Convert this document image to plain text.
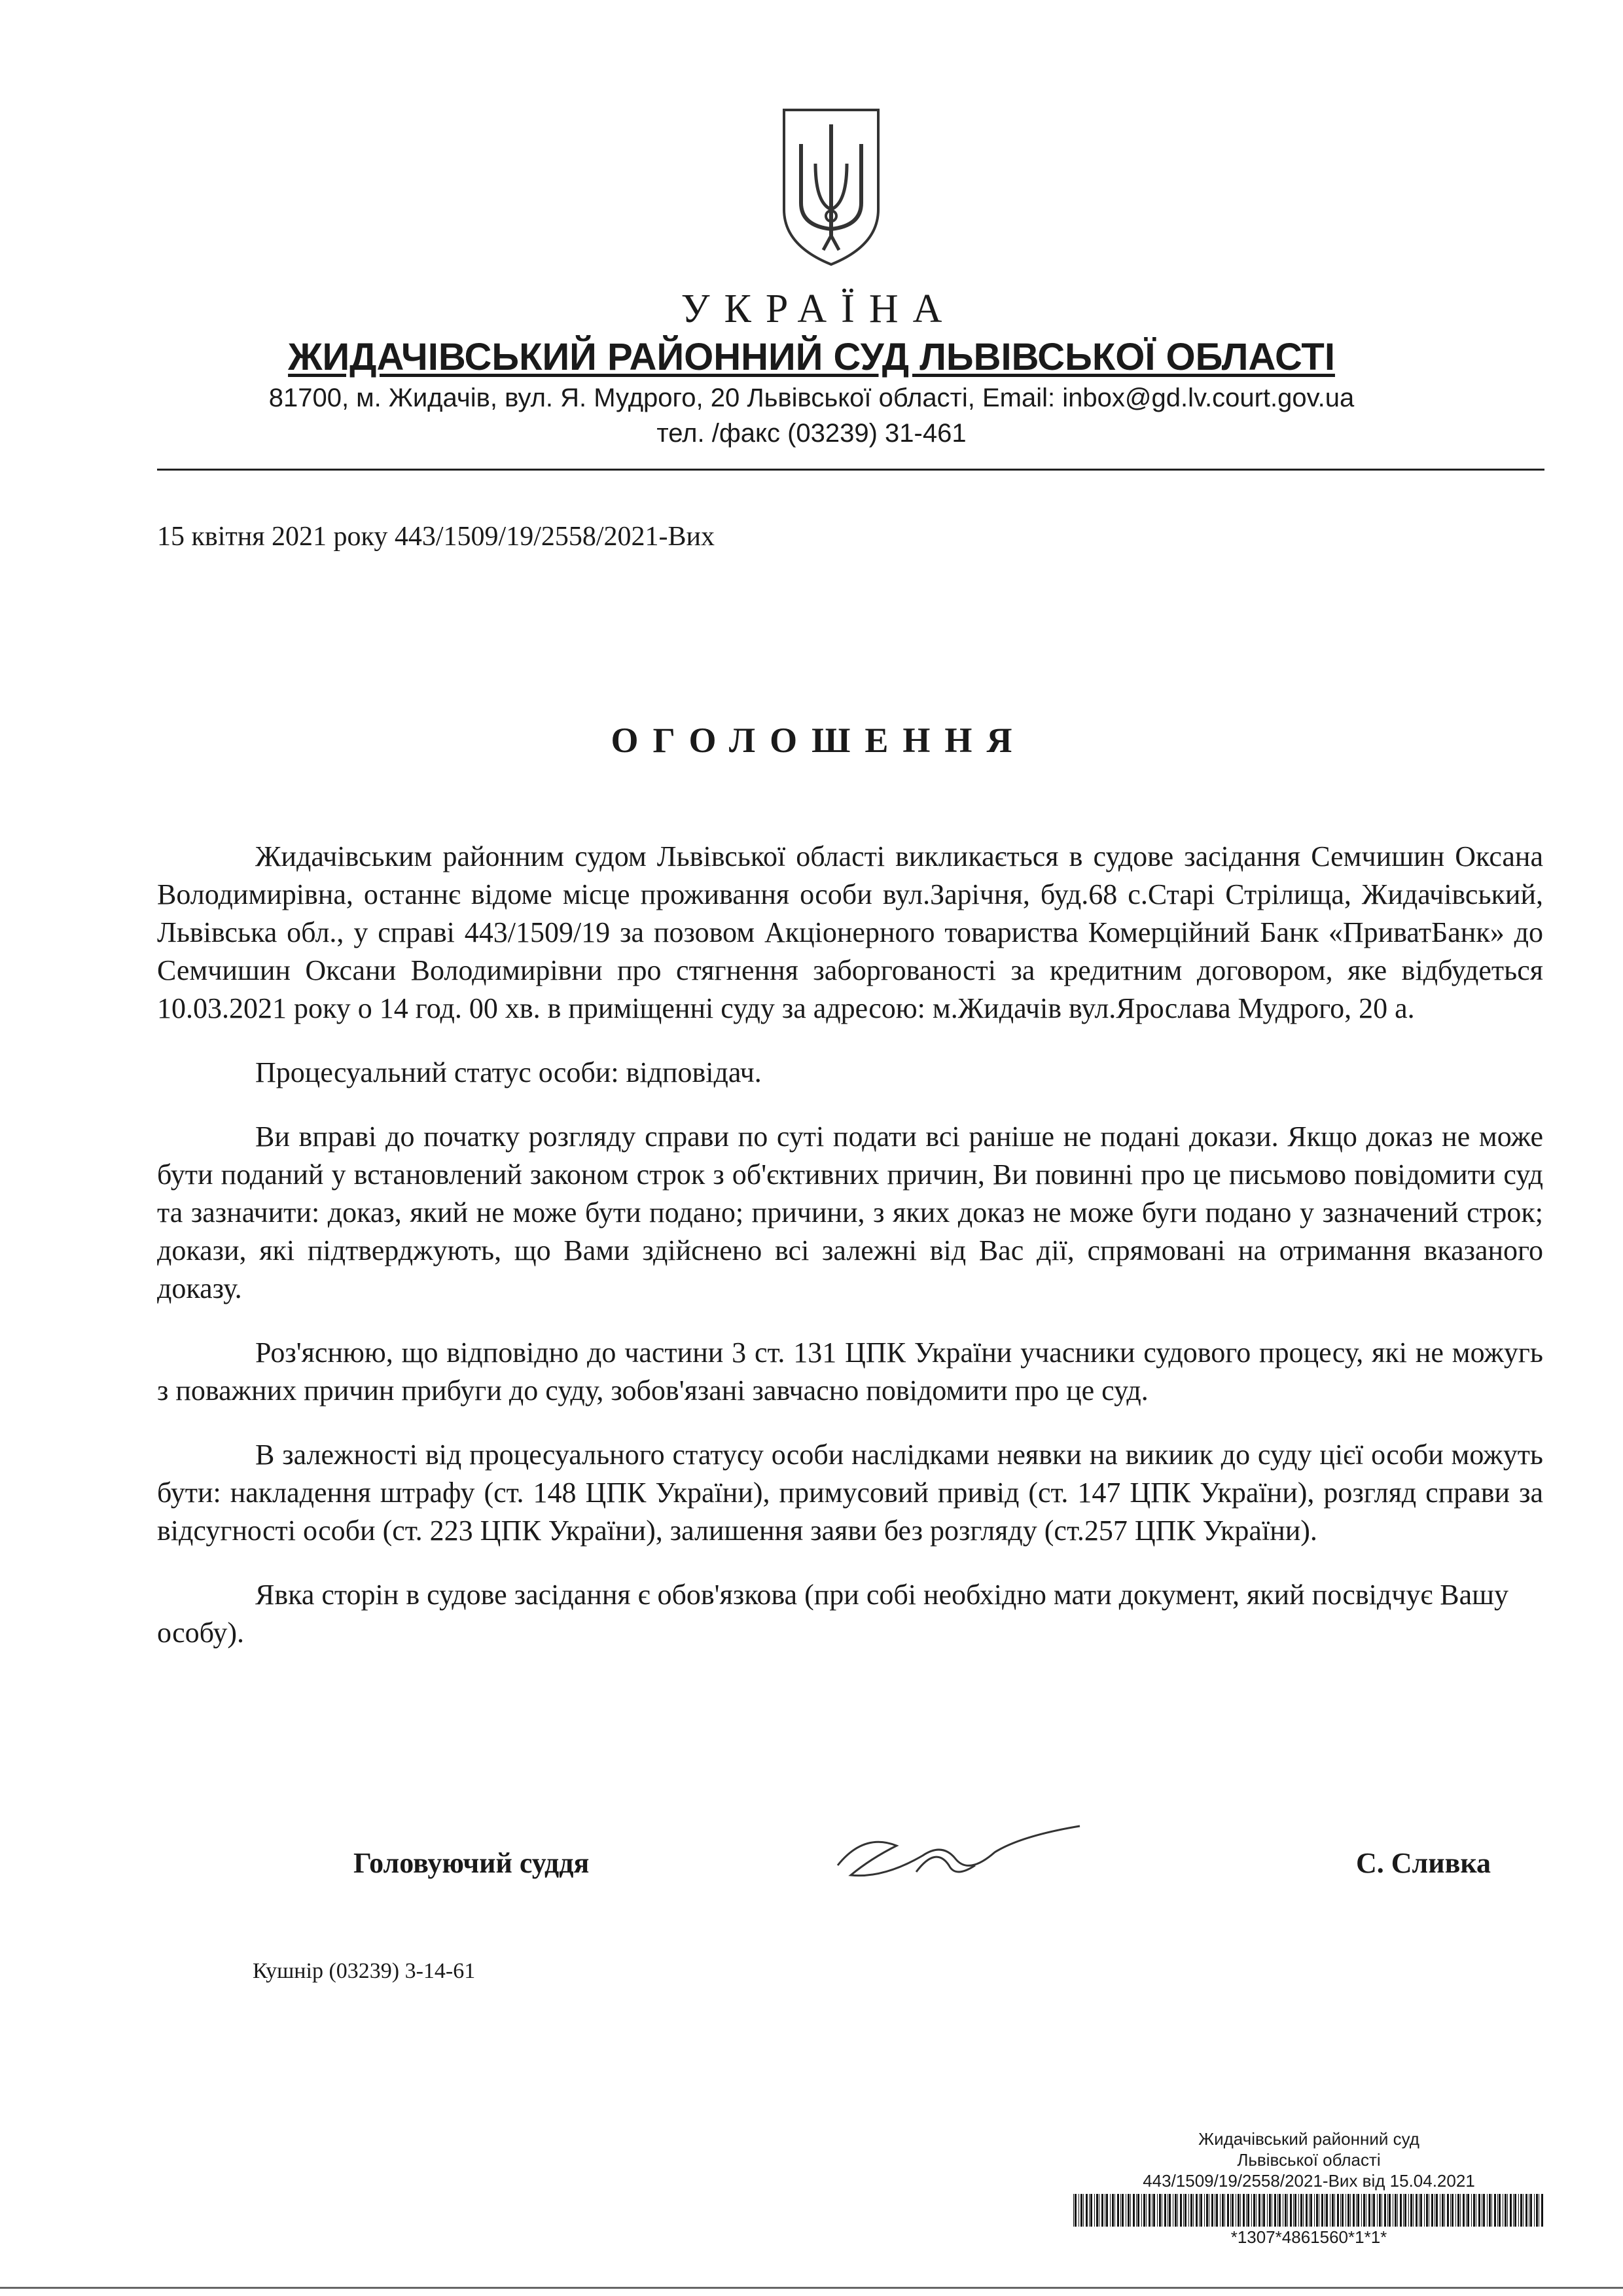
УКРАЇНА
ЖИДАЧІВСЬКИЙ РАЙОННИЙ СУД ЛЬВІВСЬКОЇ ОБЛАСТІ
81700, м. Жидачів, вул. Я. Мудрого, 20 Львівської області, Email: inbox@gd.lv.court.gov.ua
тел. /факс (03239) 31-461
15 квітня 2021 року 443/1509/19/2558/2021-Вих
ОГОЛОШЕННЯ

Жидачівським районним судом Львівської області викликається в судове засідання Семчишин Оксана Володимирівна, останнє відоме місце проживання особи вул.Зарічня, буд.68 с.Старі Стрілища, Жидачівський, Львівська обл., у справі 443/1509/19 за позовом Акціонерного товариства Комерційний Банк «ПриватБанк» до Семчишин Оксани Володимирівни про стягнення заборгованості за кредитним договором, яке відбудеться 10.03.2021 року о 14 год. 00 хв. в приміщенні суду за адресою: м.Жидачів вул.Ярослава Мудрого, 20 а.

Процесуальний статус особи: відповідач.

Ви вправі до початку розгляду справи по суті подати всі раніше не подані докази. Якщо доказ не може бути поданий у встановлений законом строк з об'єктивних причин, Ви повинні про це письмово повідомити суд та зазначити: доказ, який не може бути подано; причини, з яких доказ не може буги подано у зазначений строк; докази, які підтверджують, що Вами здійснено всі залежні від Вас дії, спрямовані на отримання вказаного доказу.

Роз'яснюю, що відповідно до частини 3 ст. 131 ЦПК України учасники судового процесу, які не можугь з поважних причин прибуги до суду, зобов'язані завчасно повідомити про це суд.

В залежності від процесуального статусу особи наслідками неявки на викиик до суду цієї особи можуть бути: накладення штрафу (ст. 148 ЦПК України), примусовий привід (ст. 147 ЦПК України), розгляд справи за відсугності особи (ст. 223 ЦПК України), залишення заяви без розгляду (ст.257 ЦПК України).

Явка сторін в судове засідання є обов'язкова (при собі необхідно мати документ, який посвідчує Вашу особу).

Головуючий суддя	С. Сливка
Кушнір (03239) 3-14-61
Жидачівський районний суд
Львівської області
443/1509/19/2558/2021-Вих від 15.04.2021
*1307*4861560*1*1*
